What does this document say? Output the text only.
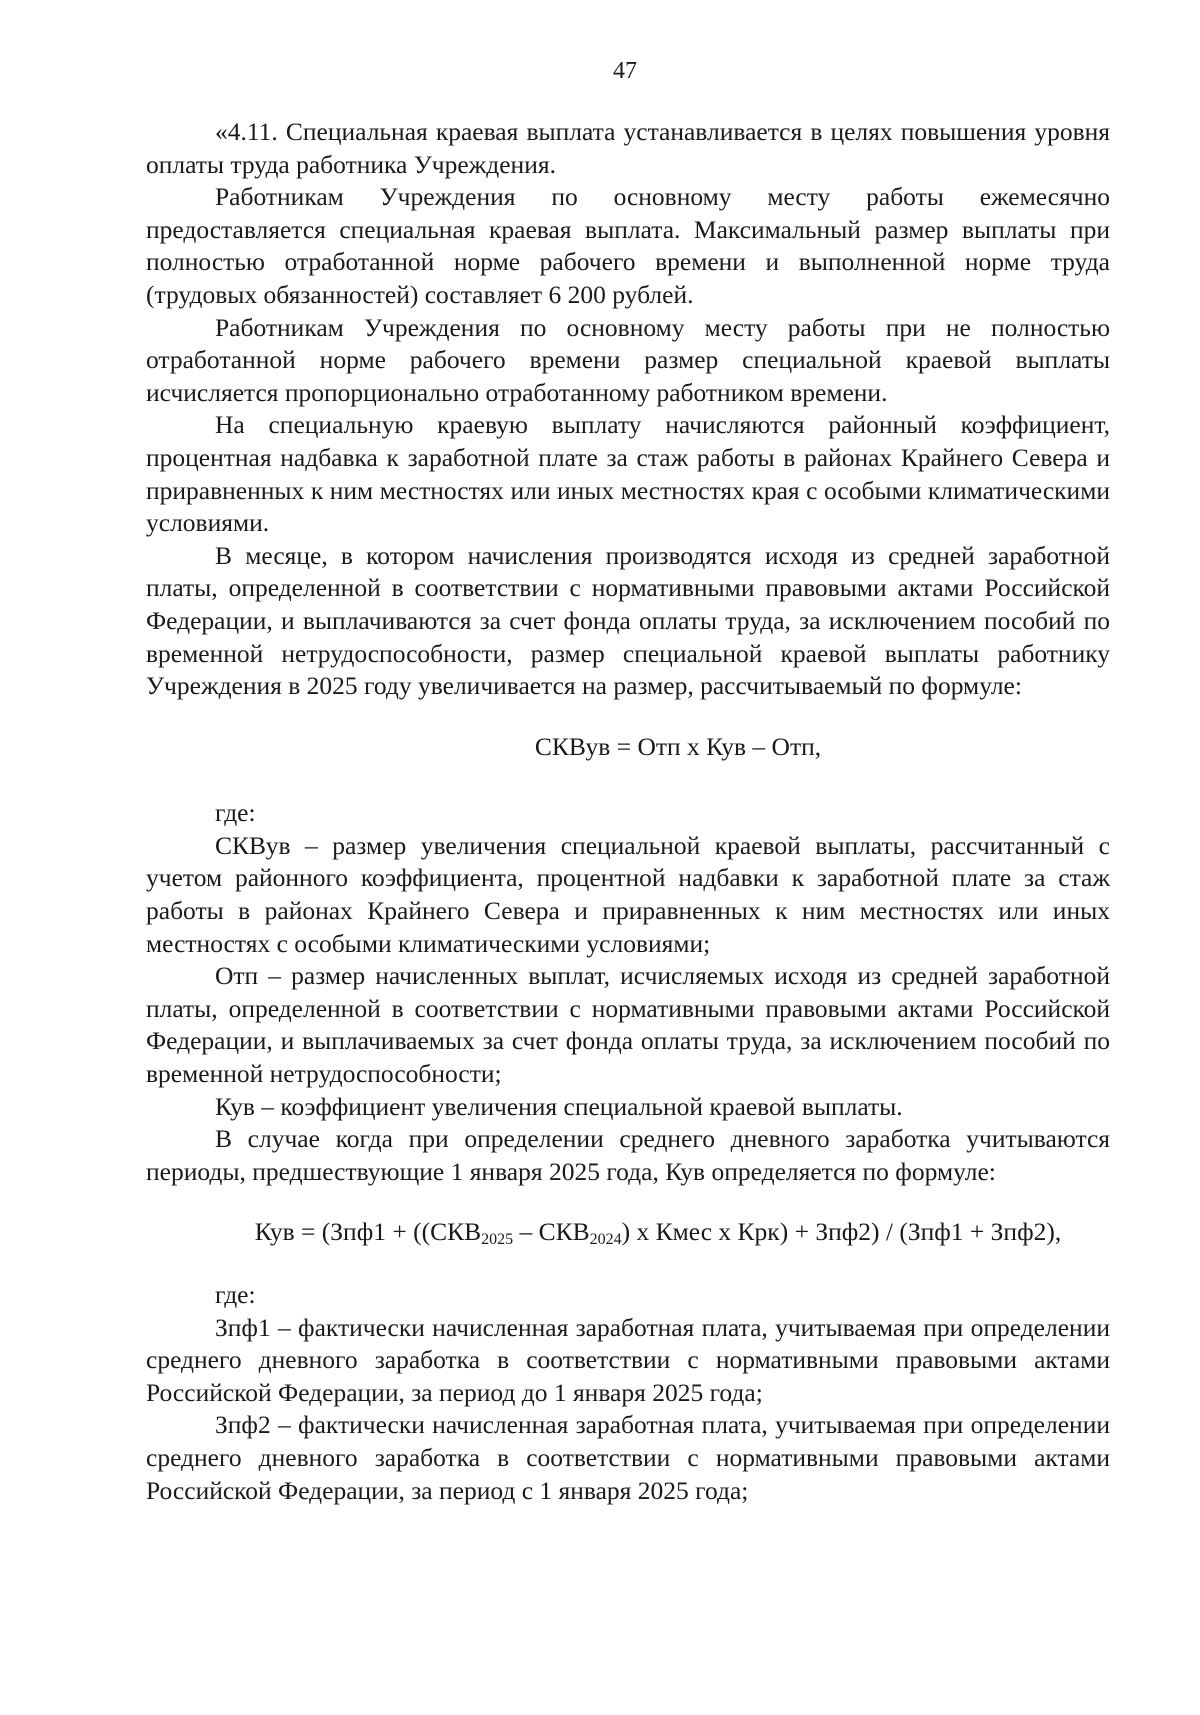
47

«4.11. Специальная краевая выплата устанавливается в целях повышения уровня оплаты труда работника Учреждения.

Работникам Учреждения по основному месту работы ежемесячно предоставляется специальная краевая выплата. Максимальный размер выплаты при полностью отработанной норме рабочего времени и выполненной норме труда (трудовых обязанностей) составляет 6 200 рублей.

Работникам Учреждения по основному месту работы при не полностью отработанной норме рабочего времени размер специальной краевой выплаты исчисляется пропорционально отработанному работником времени.

На специальную краевую выплату начисляются районный коэффициент, процентная надбавка к заработной плате за стаж работы в районах Крайнего Севера и приравненных к ним местностях или иных местностях края с особыми климатическими условиями.

В месяце, в котором начисления производятся исходя из средней заработной платы, определенной в соответствии с нормативными правовыми актами Российской Федерации, и выплачиваются за счет фонда оплаты труда, за исключением пособий по временной нетрудоспособности, размер специальной краевой выплаты работнику Учреждения в 2025 году увеличивается на размер, рассчитываемый по формуле:

СКВув = Отп х Кув – Отп,
где:

СКВув – размер увеличения специальной краевой выплаты, рассчитанный с учетом районного коэффициента, процентной надбавки к заработной плате за стаж работы в районах Крайнего Севера и приравненных к ним местностях или иных местностях с особыми климатическими условиями;

Отп – размер начисленных выплат, исчисляемых исходя из средней заработной платы, определенной в соответствии с нормативными правовыми актами Российской Федерации, и выплачиваемых за счет фонда оплаты труда, за исключением пособий по временной нетрудоспособности;

Кув – коэффициент увеличения специальной краевой выплаты.

В случае когда при определении среднего дневного заработка учитываются периоды, предшествующие 1 января 2025 года, Кув определяется по формуле:

Кув = ($Зпф1 + ((СКВ_{2025} - СКВ_{2024})$ х Кмес х Крк) + Зпф2) / (Зпф1 + Зпф2),
где:

Зпф1 – фактически начисленная заработная плата, учитываемая при определении среднего дневного заработка в соответствии с нормативными правовыми актами Российской Федерации, за период до 1 января 2025 года;

Зпф2 – фактически начисленная заработная плата, учитываемая при определении среднего дневного заработка в соответствии с нормативными правовыми актами Российской Федерации, за период с 1 января 2025 года;
